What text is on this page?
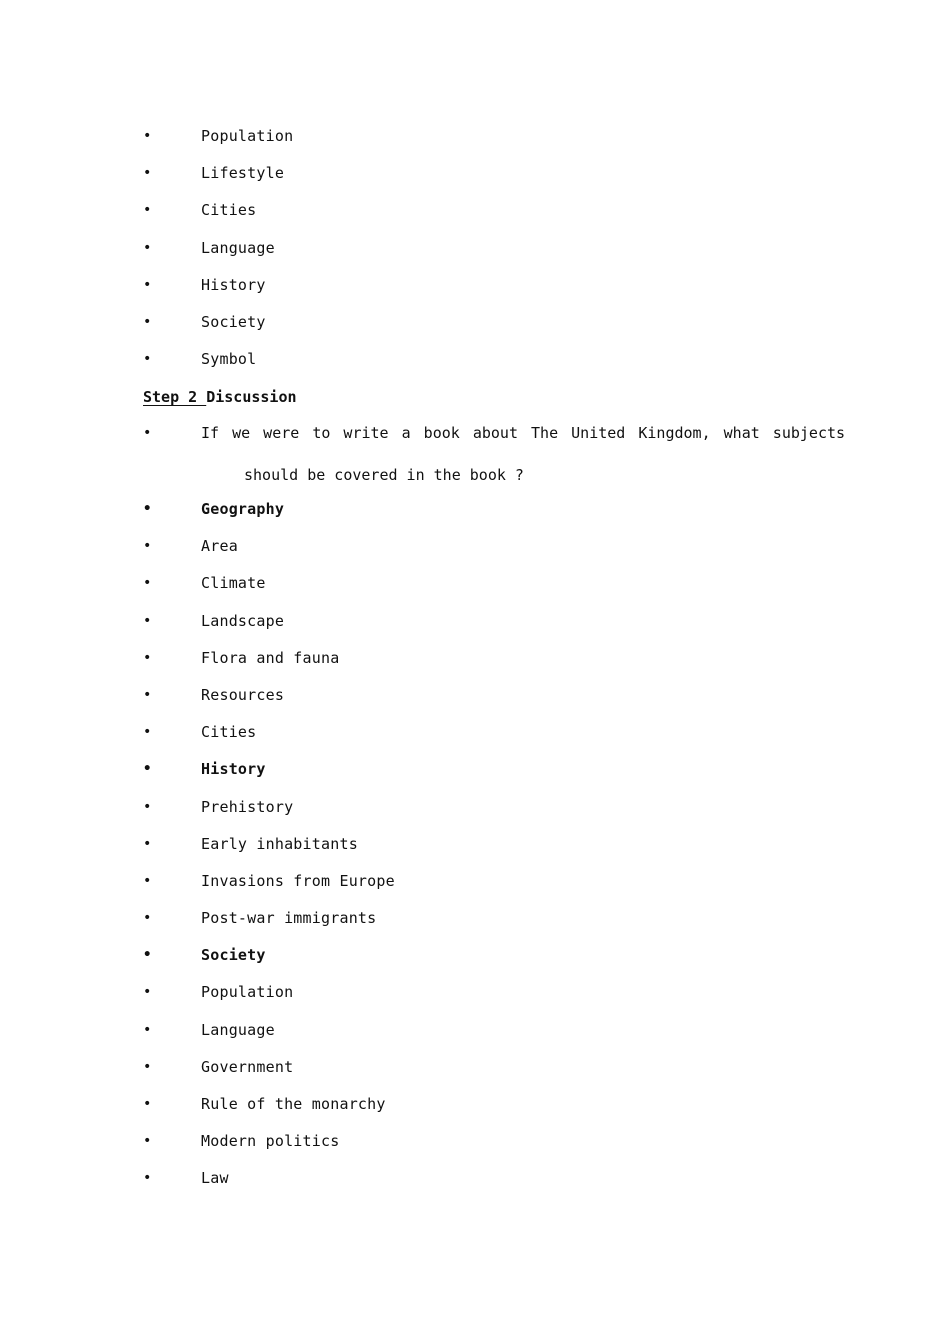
•	Population
•	Lifestyle
•	Cities
•	Language
•	History
•	Society
•	Symbol
Step 2 Discussion
•	If we were to write a book about The United Kingdom, what subjects
should be covered in the book ?
•	Geography
•	Area
•	Climate
•	Landscape
•	Flora and fauna
•	Resources
•	Cities
•	History
•	Prehistory
•	Early inhabitants
•	Invasions from Europe
•	Post-war immigrants
•	Society
•	Population
•	Language
•	Government
•	Rule of the monarchy
•	Modern politics
•	Law
